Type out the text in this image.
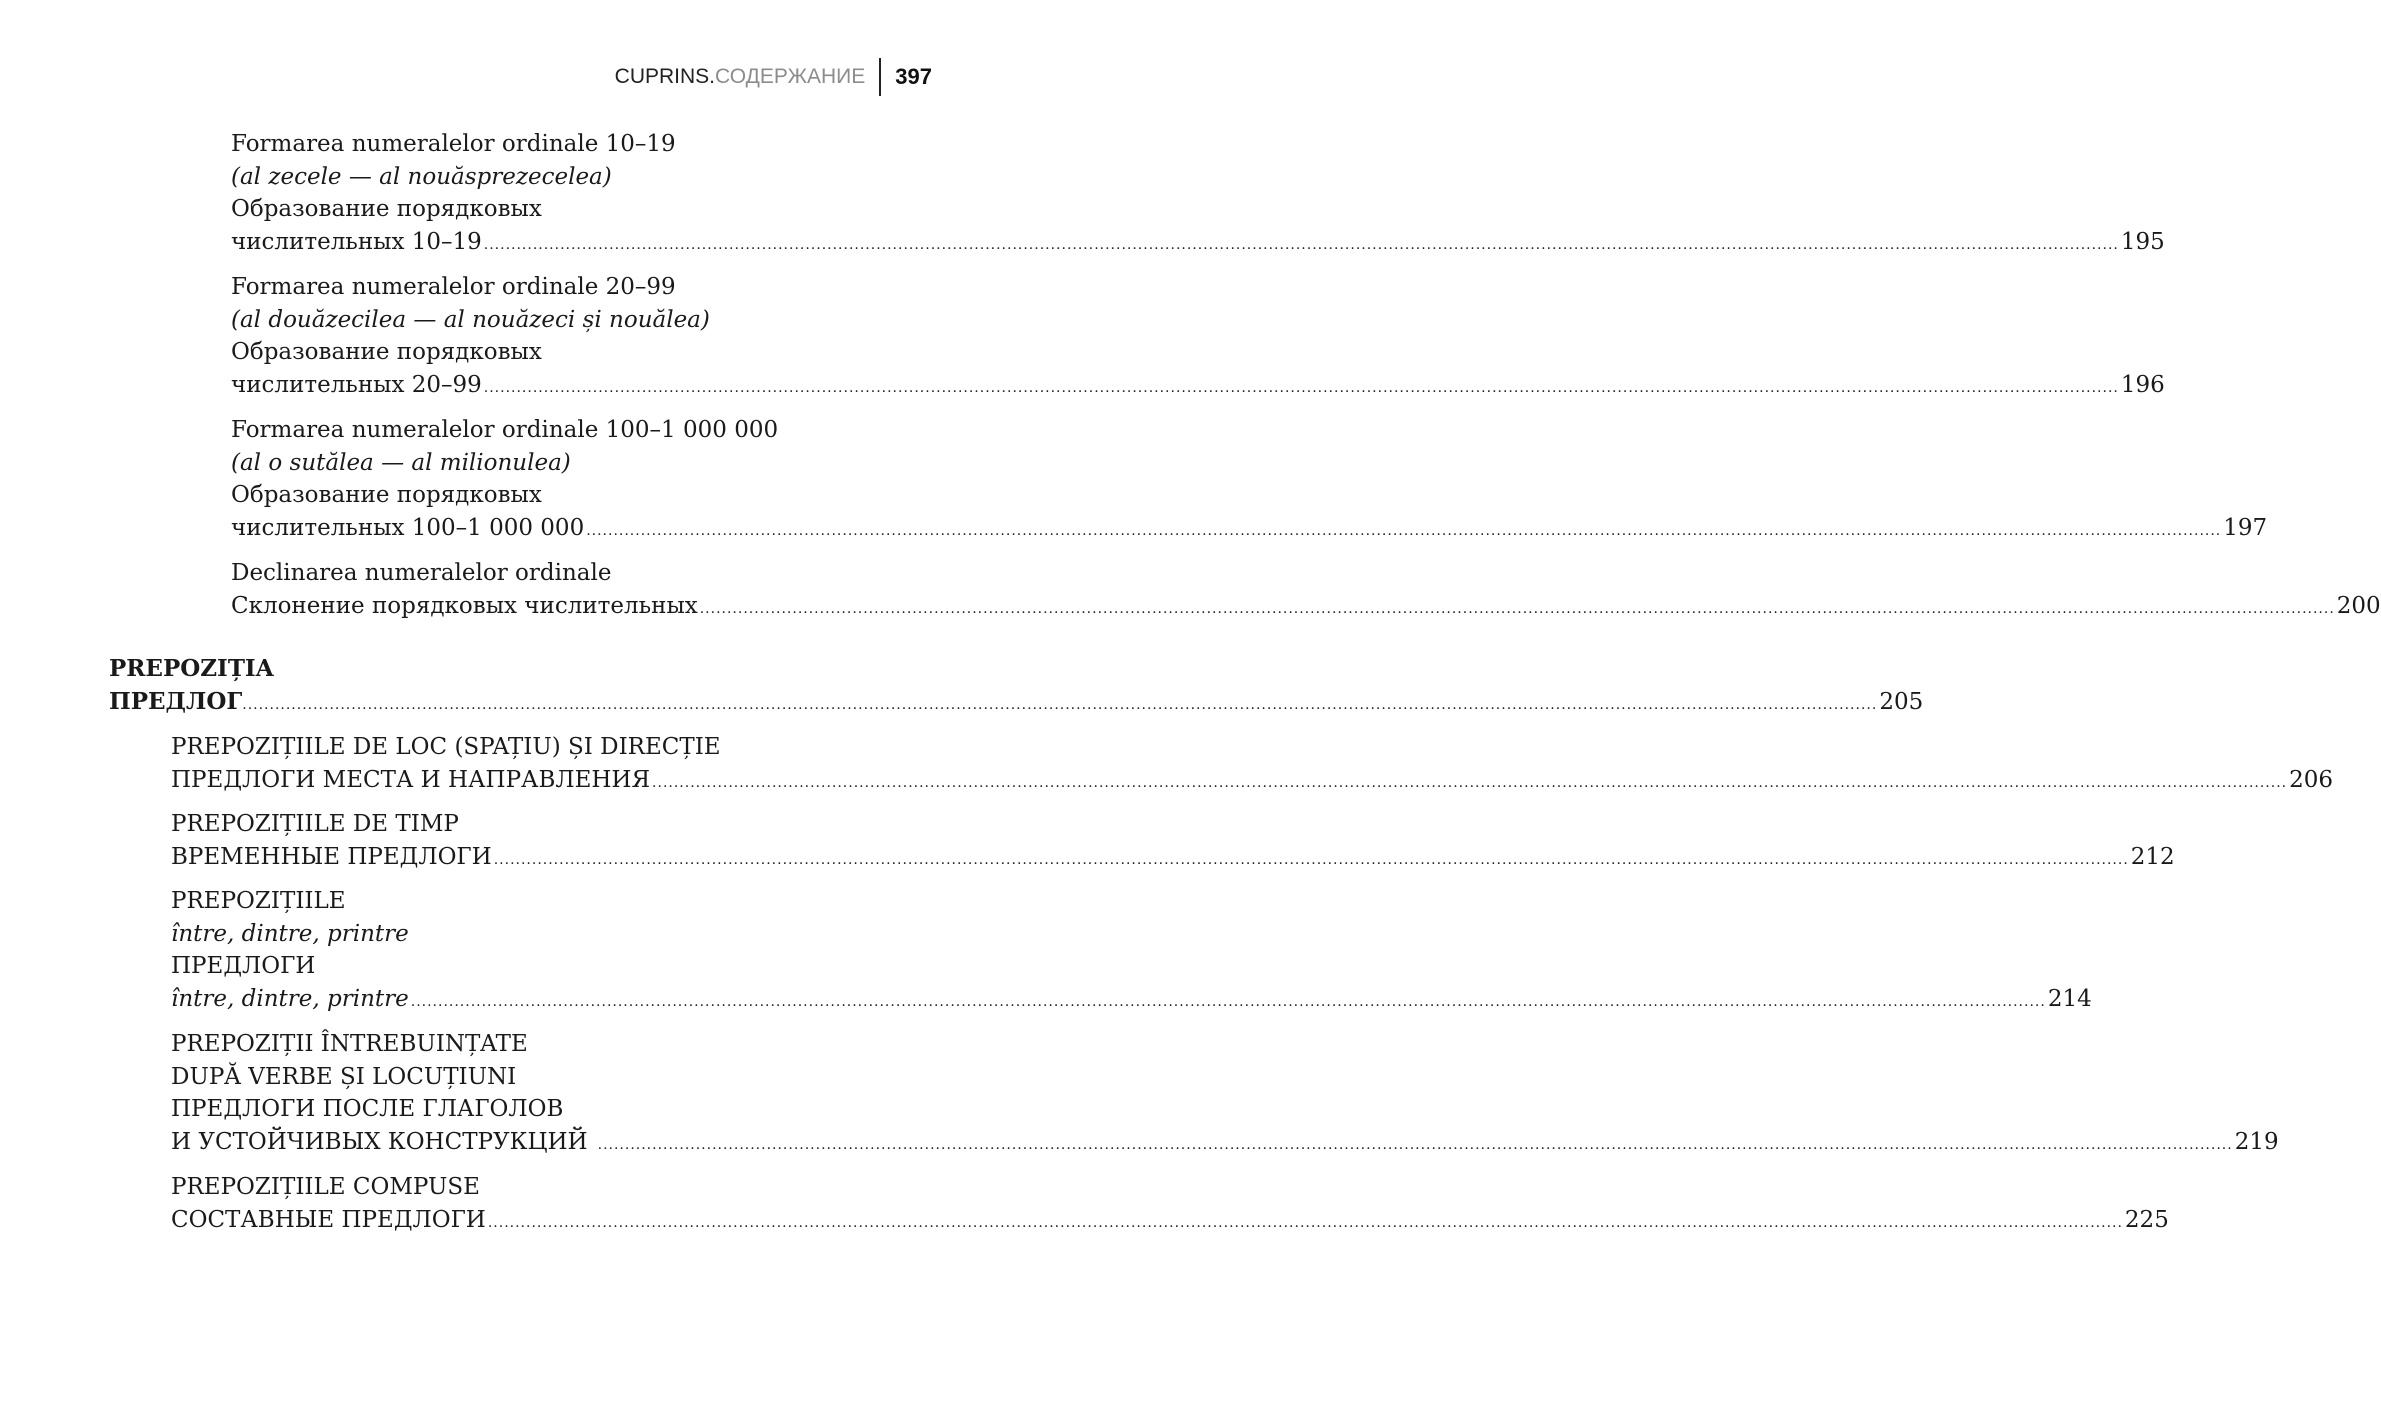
CUPRINS. СОДЕРЖАНИЕ 397
Formarea numeralelor ordinale 10–19
(al zecele — al nouăsprezecelea)
Образование порядковых
числительных 10–19 ............................................................................................................................................................................................................................................................................................................ 195
Formarea numeralelor ordinale 20–99
(al douăzecilea — al nouăzeci și nouălea)
Образование порядковых
числительных 20–99 ............................................................................................................................................................................................................................................................................................................ 196
Formarea numeralelor ordinale 100–1 000 000
(al o sutălea — al milionulea)
Образование порядковых
числительных 100–1 000 000 ............................................................................................................................................................................................................................................................................................................ 197
Declinarea numeralelor ordinale
Склонение порядковых числительных ............................................................................................................................................................................................................................................................................................................ 200
PREPOZIȚIA
ПРЕДЛОГ ............................................................................................................................................................................................................................................................................................................ 205
PREPOZIȚIILE DE LOC (SPAȚIU) ȘI DIRECȚIE
ПРЕДЛОГИ МЕСТА И НАПРАВЛЕНИЯ ............................................................................................................................................................................................................................................................................................................ 206
PREPOZIȚIILE DE TIMP
ВРЕМЕННЫЕ ПРЕДЛОГИ ............................................................................................................................................................................................................................................................................................................ 212
PREPOZIȚIILE
între, dintre, printre
ПРЕДЛОГИ
între, dintre, printre ............................................................................................................................................................................................................................................................................................................ 214
PREPOZIȚII ÎNTREBUINȚATE
DUPĂ VERBE ȘI LOCUȚIUNI
ПРЕДЛОГИ ПОСЛЕ ГЛАГОЛОВ
И УСТОЙЧИВЫХ КОНСТРУКЦИЙ ............................................................................................................................................................................................................................................................................................................ 219
PREPOZIȚIILE COMPUSE
СОСТАВНЫЕ ПРЕДЛОГИ ............................................................................................................................................................................................................................................................................................................ 225
